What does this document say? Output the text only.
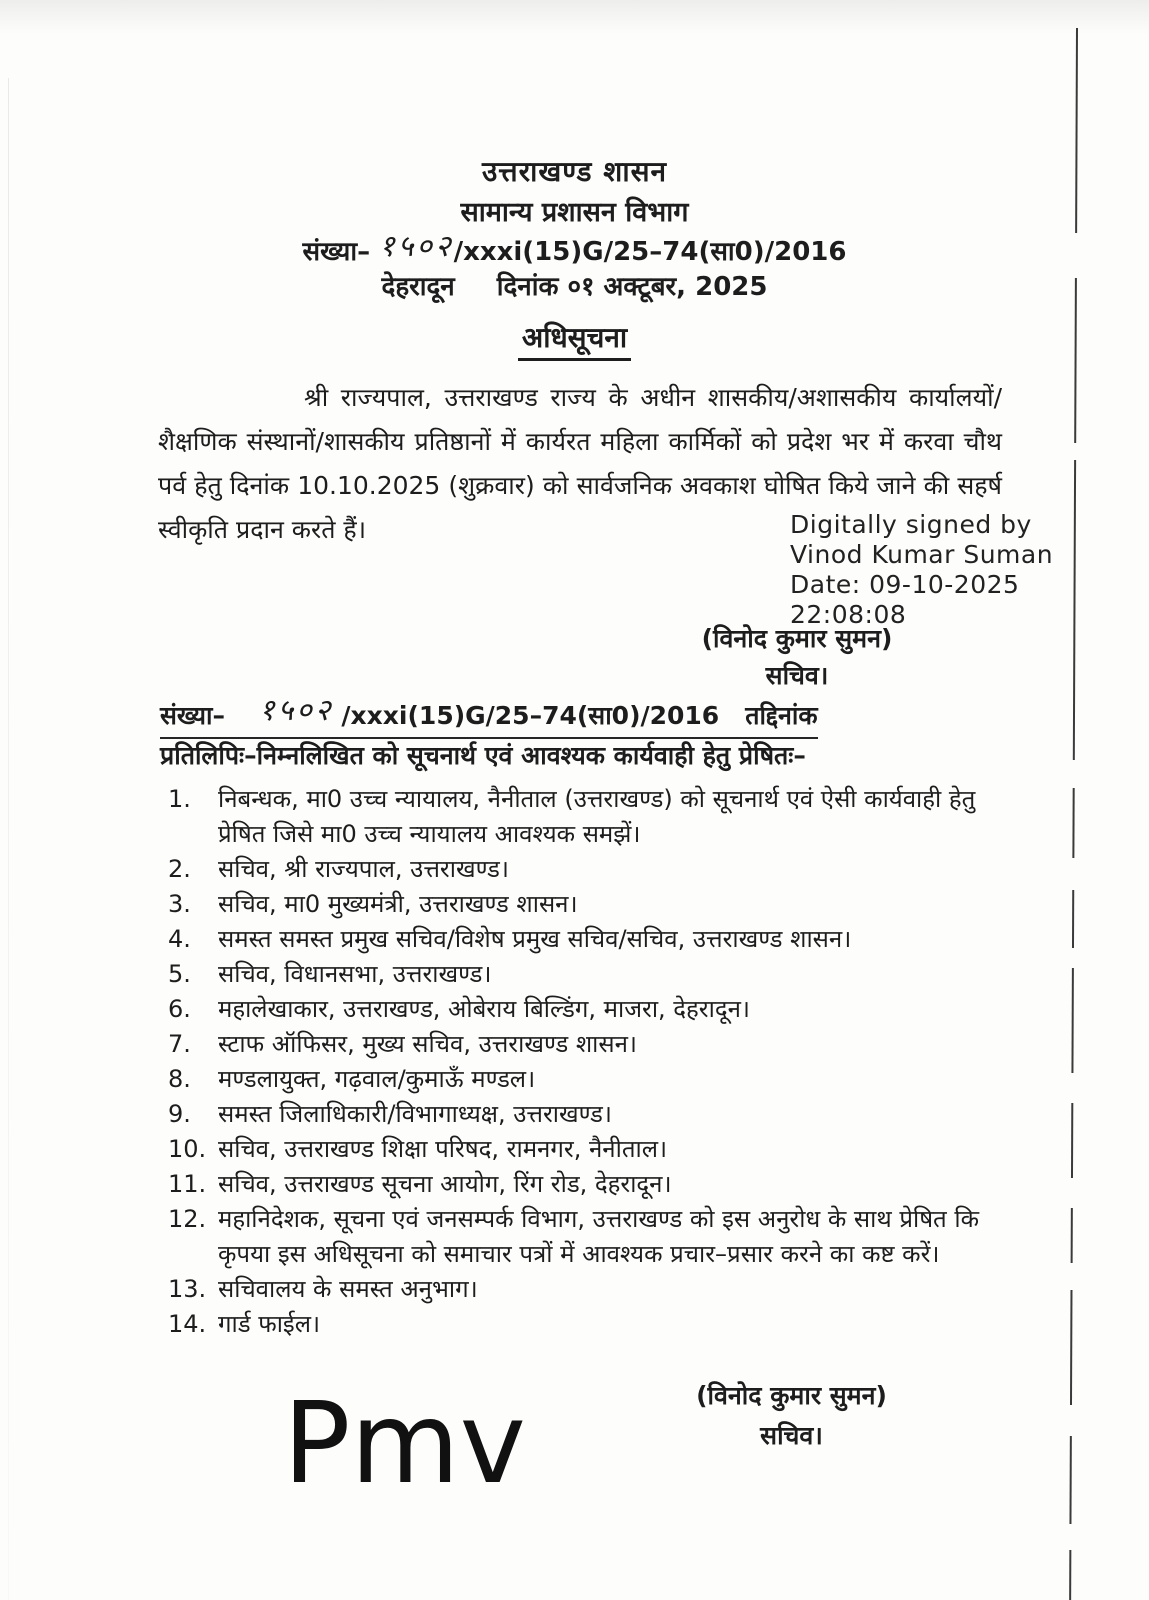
उत्तराखण्ड शासन
सामान्य प्रशासन विभाग
संख्या– १५०२/xxxi(15)G/25–74(सा0)/2016
देहरादून दिनांक ०१ अक्टूबर, 2025
अधिसूचना

श्री राज्यपाल, उत्तराखण्ड राज्य के अधीन शासकीय/अशासकीय कार्यालयों/शैक्षणिक संस्थानों/शासकीय प्रतिष्ठानों में कार्यरत महिला कार्मिकों को प्रदेश भर में करवा चौथ पर्व हेतु दिनांक 10.10.2025 (शुक्रवार) को सार्वजनिक अवकाश घोषित किये जाने की सहर्ष स्वीकृति प्रदान करते हैं।	Digitally signed by
Vinod Kumar Suman
Date: 09-10-2025
22:08:08
(विनोद कुमार सुमन)
सचिव।
संख्या– १५०२ /xxxi(15)G/25–74(सा0)/2016 तद्दिनांक
प्रतिलिपिः–निम्नलिखित को सूचनार्थ एवं आवश्यक कार्यवाही हेतु प्रेषितः–
1.	निबन्धक, मा0 उच्च न्यायालय, नैनीताल (उत्तराखण्ड) को सूचनार्थ एवं ऐसी कार्यवाही हेतु प्रेषित जिसे मा0 उच्च न्यायालय आवश्यक समझें।
2.	सचिव, श्री राज्यपाल, उत्तराखण्ड।
3.	सचिव, मा0 मुख्यमंत्री, उत्तराखण्ड शासन।
4.	समस्त समस्त प्रमुख सचिव/विशेष प्रमुख सचिव/सचिव, उत्तराखण्ड शासन।
5.	सचिव, विधानसभा, उत्तराखण्ड।
6.	महालेखाकार, उत्तराखण्ड, ओबेराय बिल्डिंग, माजरा, देहरादून।
7.	स्टाफ ऑफिसर, मुख्य सचिव, उत्तराखण्ड शासन।
8.	मण्डलायुक्त, गढ़वाल/कुमाऊँ मण्डल।
9.	समस्त जिलाधिकारी/विभागाध्यक्ष, उत्तराखण्ड।
10. सचिव, उत्तराखण्ड शिक्षा परिषद, रामनगर, नैनीताल।
11. सचिव, उत्तराखण्ड सूचना आयोग, रिंग रोड, देहरादून।
12. महानिदेशक, सूचना एवं जनसम्पर्क विभाग, उत्तराखण्ड को इस अनुरोध के साथ प्रेषित कि कृपया इस अधिसूचना को समाचार पत्रों में आवश्यक प्रचार–प्रसार करने का कष्ट करें।
13. सचिवालय के समस्त अनुभाग।
14. गार्ड फाईल।
Pmv	(विनोद कुमार सुमन)
सचिव।
